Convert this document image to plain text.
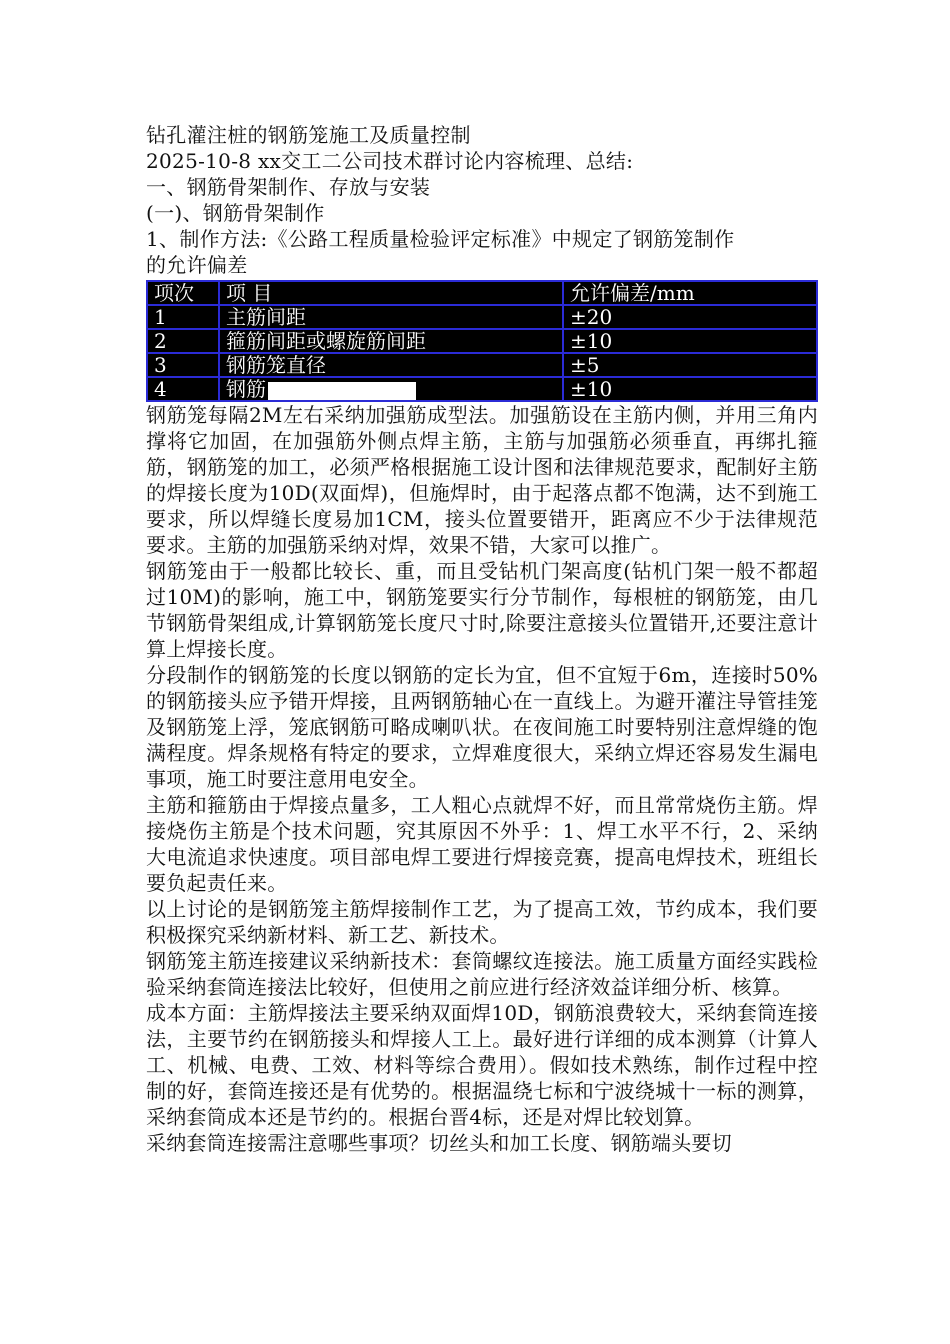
钻孔灌注桩的钢筋笼施工及质量控制

2025-10-8 xx交工二公司技术群讨论内容梳理、总结:

一、钢筋骨架制作、存放与安装

(一)、钢筋骨架制作

1、制作方法:《公路工程质量检验评定标准》中规定了钢筋笼制作

的允许偏差

项次	项 目	允许偏差/mm
1	主筋间距	±20
2	箍筋间距或螺旋筋间距	±10
3	钢筋笼直径	±5
4	钢筋	±10

钢筋笼每隔2M左右采纳加强筋成型法。加强筋设在主筋内侧，并用三角内撑将它加固，在加强筋外侧点焊主筋，主筋与加强筋必须垂直，再绑扎箍筋，钢筋笼的加工，必须严格根据施工设计图和法律规范要求，配制好主筋的焊接长度为10D(双面焊)，但施焊时，由于起落点都不饱满，达不到施工要求，所以焊缝长度易加1CM，接头位置要错开，距离应不少于法律规范要求。主筋的加强筋采纳对焊，效果不错，大家可以推广。

钢筋笼由于一般都比较长、重，而且受钻机门架高度(钻机门架一般不都超过10M)的影响，施工中，钢筋笼要实行分节制作，每根桩的钢筋笼，由几节钢筋骨架组成,计算钢筋笼长度尺寸时,除要注意接头位置错开,还要注意计算上焊接长度。

分段制作的钢筋笼的长度以钢筋的定长为宜，但不宜短于6m，连接时50%的钢筋接头应予错开焊接，且两钢筋轴心在一直线上。为避开灌注导管挂笼及钢筋笼上浮，笼底钢筋可略成喇叭状。在夜间施工时要特别注意焊缝的饱满程度。焊条规格有特定的要求，立焊难度很大，采纳立焊还容易发生漏电事项，施工时要注意用电安全。

主筋和箍筋由于焊接点量多，工人粗心点就焊不好，而且常常烧伤主筋。焊接烧伤主筋是个技术问题，究其原因不外乎：1、焊工水平不行，2、采纳大电流追求快速度。项目部电焊工要进行焊接竞赛，提高电焊技术，班组长要负起责任来。

以上讨论的是钢筋笼主筋焊接制作工艺，为了提高工效，节约成本，我们要积极探究采纳新材料、新工艺、新技术。

钢筋笼主筋连接建议采纳新技术：套筒螺纹连接法。施工质量方面经实践检验采纳套筒连接法比较好，但使用之前应进行经济效益详细分析、核算。

成本方面：主筋焊接法主要采纳双面焊10D，钢筋浪费较大，采纳套筒连接法，主要节约在钢筋接头和焊接人工上。最好进行详细的成本测算（计算人工、机械、电费、工效、材料等综合费用）。假如技术熟练，制作过程中控制的好，套筒连接还是有优势的。根据温绕七标和宁波绕城十一标的测算，采纳套筒成本还是节约的。根据台晋4标，还是对焊比较划算。

采纳套筒连接需注意哪些事项？切丝头和加工长度、钢筋端头要切
